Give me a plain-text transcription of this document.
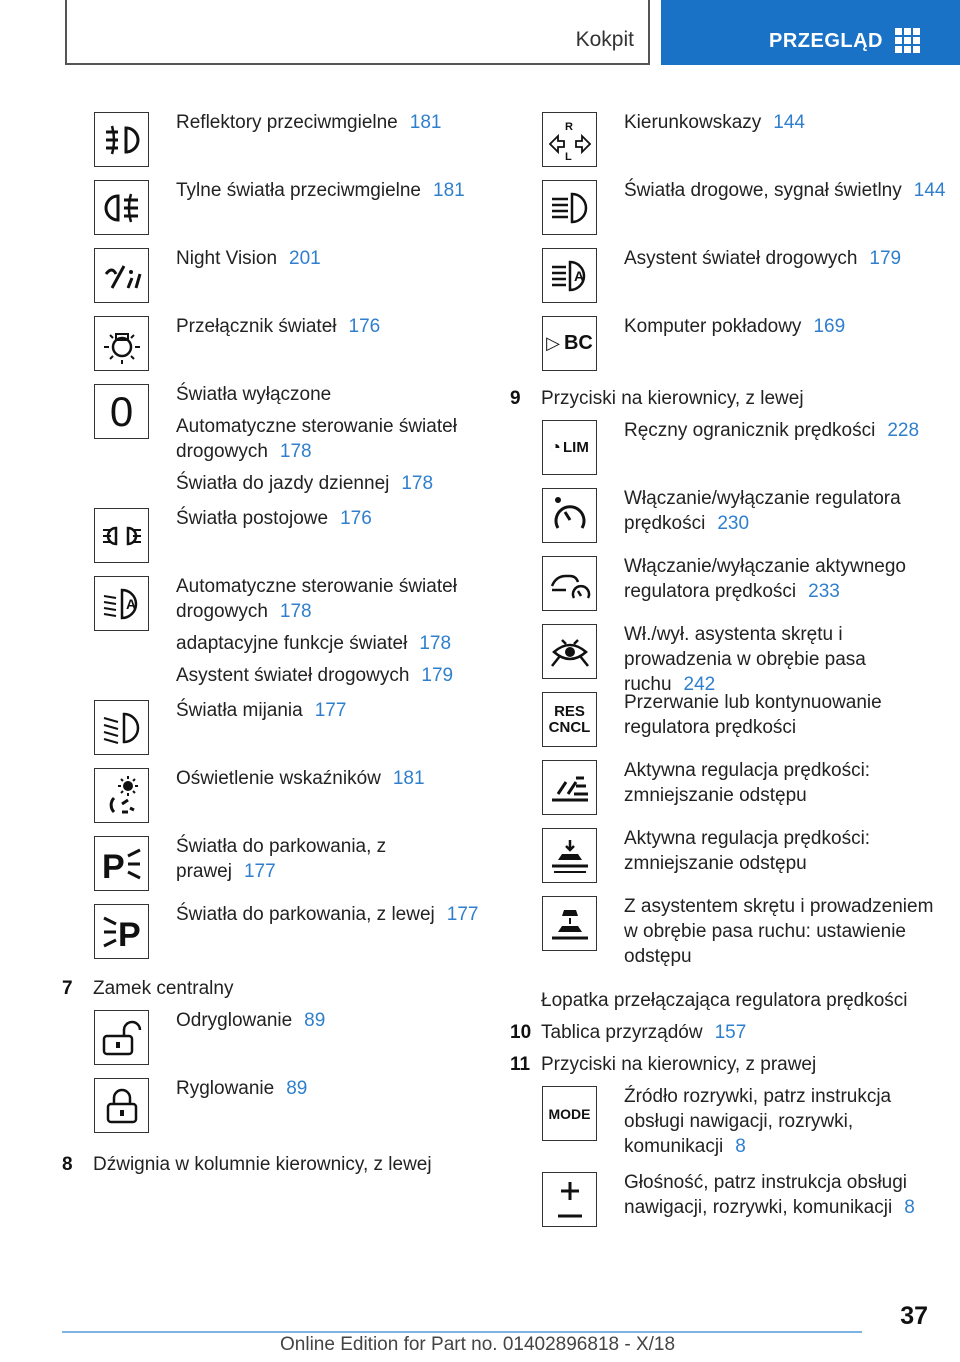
Kokpit	PRZEGLĄD
Reflektory przeciwmgielne 181
Tylne światła przeciwmgielne 181
Night Vision 201
Przełącznik świateł 176
0	Światła wyłączone
Automatyczne sterowanie świateł drogowych 178
Światła do jazdy dziennej 178
Światła postojowe 176
A
Automatyczne sterowanie świateł drogowych 178
adaptacyjne funkcje świateł 178
Asystent świateł drogowych 179
Światła mijania 177
Oświetlenie wskaźników 181
P
Światła do parkowania, z prawej 177
P
Światła do parkowania, z lewej 177
7 Zamek centralny
Odryglowanie 89
Ryglowanie 89
8 Dźwignia w kolumnie kierownicy, z lewej
R
L
Kierunkowskazy 144
Światła drogowe, sygnał świetlny 144
A
Asystent świateł drogowych 179
▷ BC
Komputer pokładowy 169
9 Przyciski na kierownicy, z lewej
◔ LIM
Ręczny ogranicznik prędkości 228
Włączanie/wyłączanie regulatora prędkości 230
Włączanie/wyłączanie aktywnego regulatora prędkości 233
Wł./wył. asystenta skrętu i prowadzenia w obrębie pasa ruchu 242
RES
CNCL
Przerwanie lub kontynuowanie regulatora prędkości
Aktywna regulacja prędkości: zmniejszanie odstępu
Aktywna regulacja prędkości: zmniejszanie odstępu
Z asystentem skrętu i prowadzeniem w obrębie pasa ruchu: ustawienie odstępu
Łopatka przełączająca regulatora prędkości
10 Tablica przyrządów 157
11 Przyciski na kierownicy, z prawej
MODE
Źródło rozrywki, patrz instrukcja obsługi nawigacji, rozrywki, komunikacji 8
Głośność, patrz instrukcja obsługi nawigacji, rozrywki, komunikacji 8
37
Online Edition for Part no. 01402896818 - X/18
